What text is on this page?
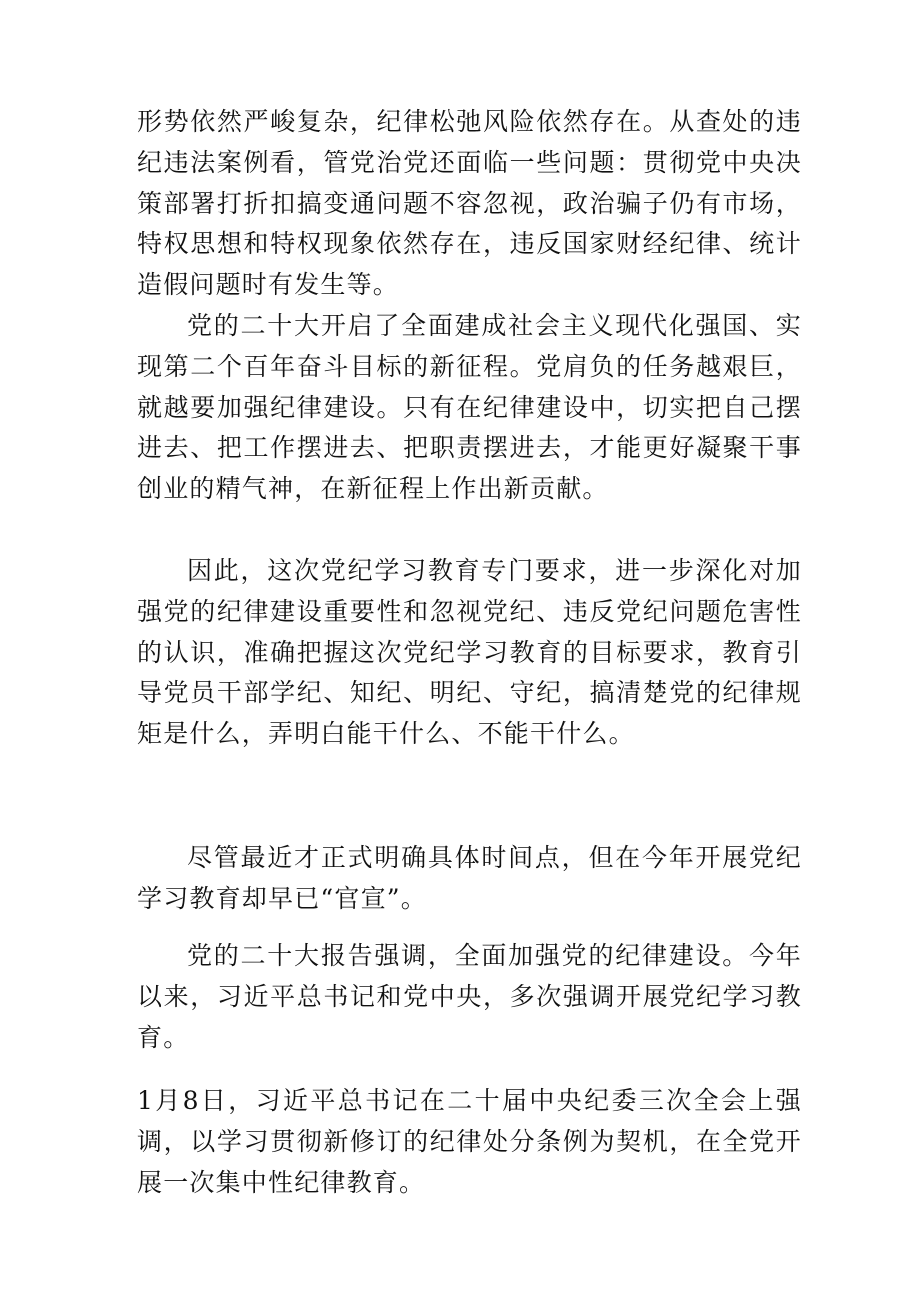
形势依然严峻复杂，纪律松弛风险依然存在。从查处的违纪违法案例看，管党治党还面临一些问题：贯彻党中央决策部署打折扣搞变通问题不容忽视，政治骗子仍有市场，特权思想和特权现象依然存在，违反国家财经纪律、统计造假问题时有发生等。

党的二十大开启了全面建成社会主义现代化强国、实现第二个百年奋斗目标的新征程。党肩负的任务越艰巨，就越要加强纪律建设。只有在纪律建设中，切实把自己摆进去、把工作摆进去、把职责摆进去，才能更好凝聚干事创业的精气神，在新征程上作出新贡献。

因此，这次党纪学习教育专门要求，进一步深化对加强党的纪律建设重要性和忽视党纪、违反党纪问题危害性的认识，准确把握这次党纪学习教育的目标要求，教育引导党员干部学纪、知纪、明纪、守纪，搞清楚党的纪律规矩是什么，弄明白能干什么、不能干什么。

尽管最近才正式明确具体时间点，但在今年开展党纪学习教育却早已“官宣”。

党的二十大报告强调，全面加强党的纪律建设。今年以来，习近平总书记和党中央，多次强调开展党纪学习教育。

1月8日，习近平总书记在二十届中央纪委三次全会上强调，以学习贯彻新修订的纪律处分条例为契机，在全党开展一次集中性纪律教育。
